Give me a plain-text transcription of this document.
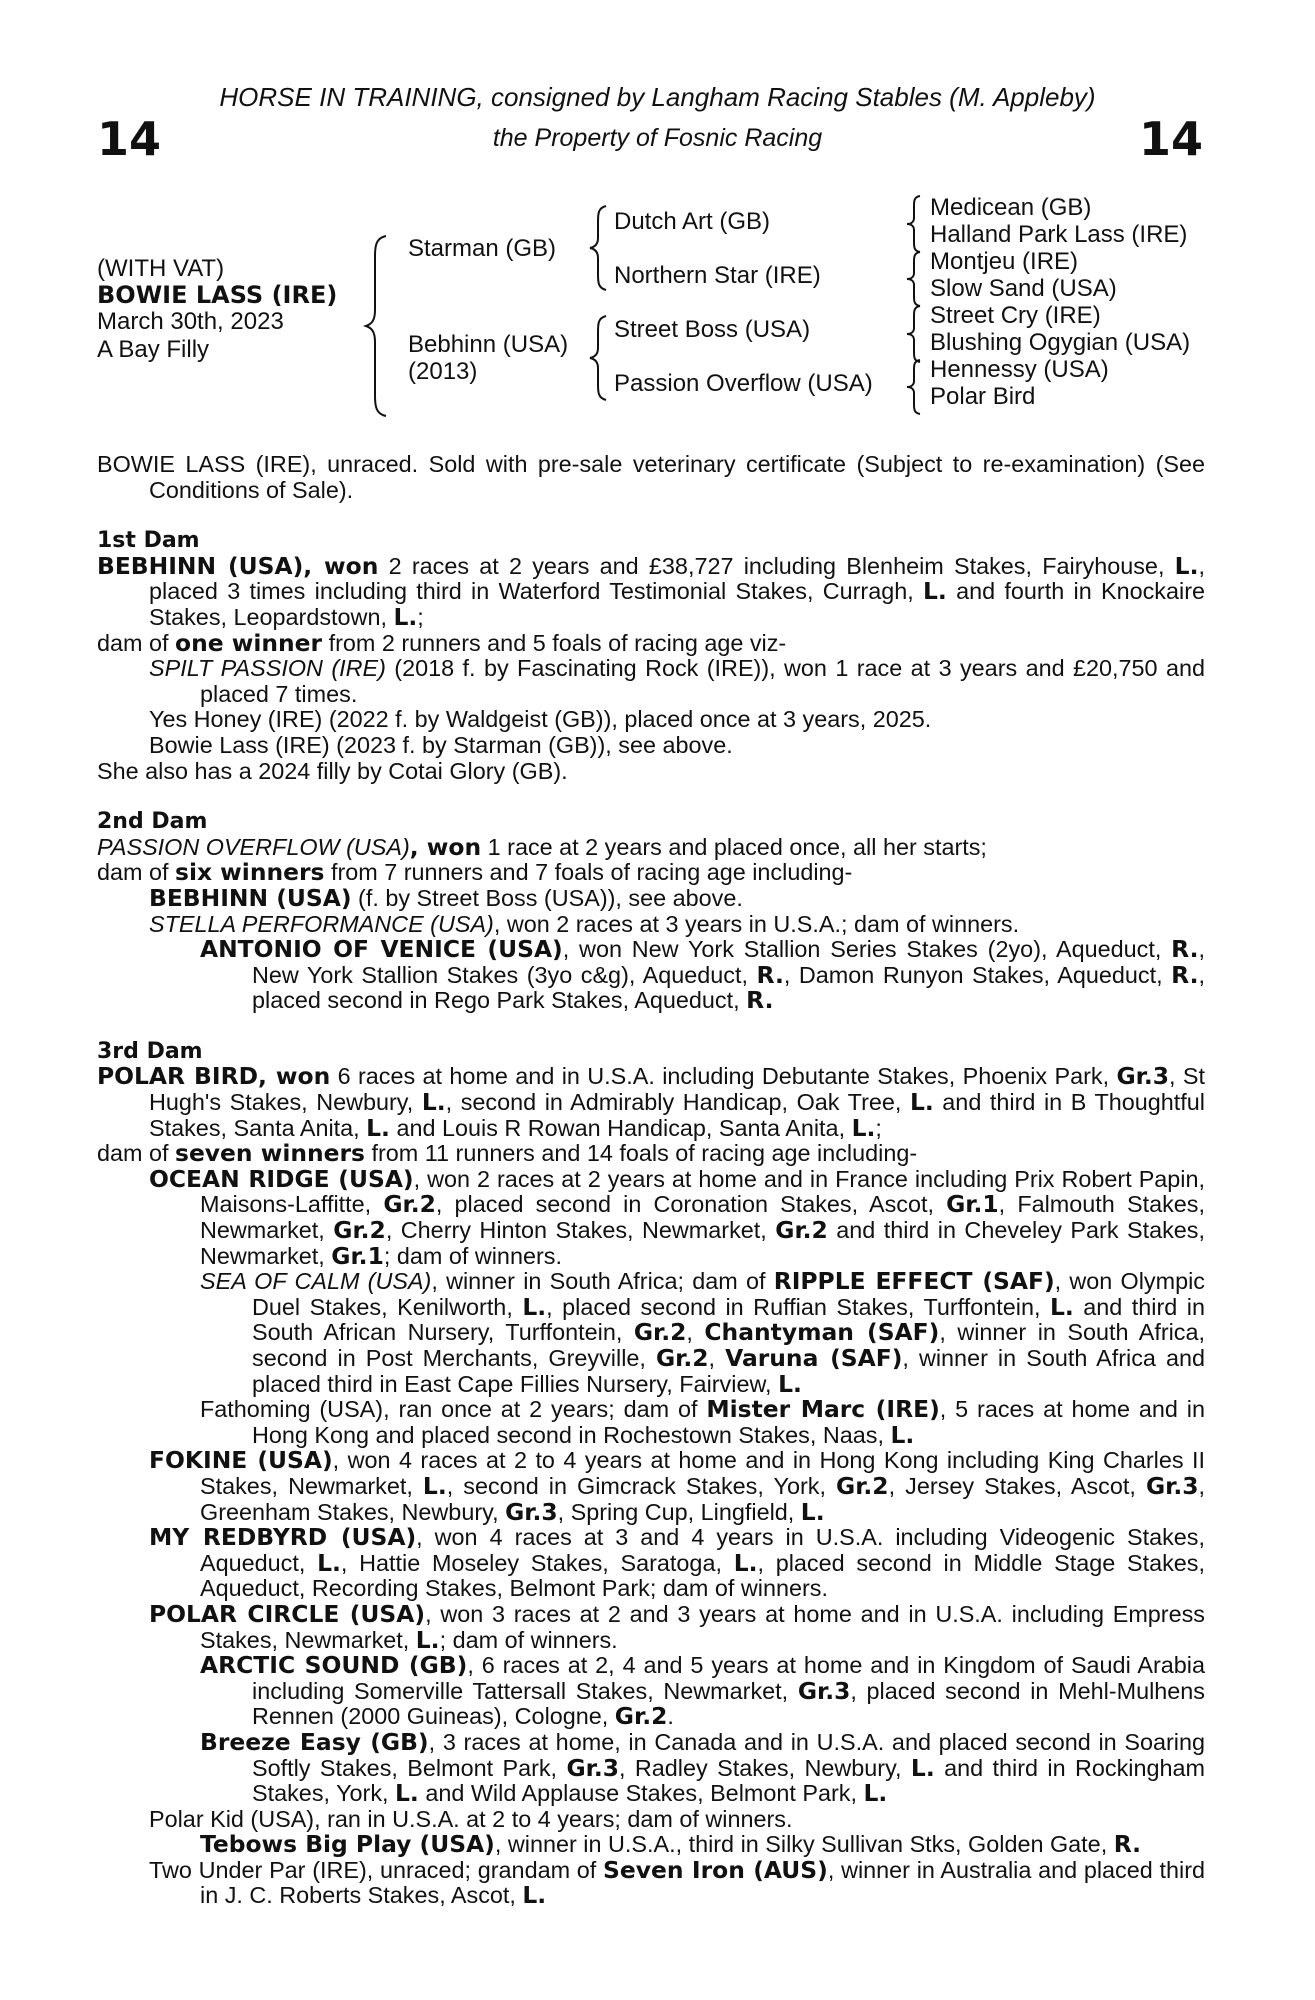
14	14
HORSE IN TRAINING, consigned by Langham Racing Stables (M. Appleby)
the Property of Fosnic Racing
(WITH VAT)
BOWIE LASS (IRE)
March 30th, 2023
A Bay Filly
Starman (GB)
Bebhinn (USA)
(2013)
Dutch Art (GB)
Northern Star (IRE)
Street Boss (USA)
Passion Overflow (USA)
Medicean (GB)
Halland Park Lass (IRE)
Montjeu (IRE)
Slow Sand (USA)
Street Cry (IRE)
Blushing Ogygian (USA)
Hennessy (USA)
Polar Bird

BOWIE LASS (IRE), unraced. Sold with pre-sale veterinary certificate (Subject to re-examination) (See Conditions of Sale).

1st Dam

BEBHINN (USA), won 2 races at 2 years and £38,727 including Blenheim Stakes, Fairyhouse, L., placed 3 times including third in Waterford Testimonial Stakes, Curragh, L. and fourth in Knockaire Stakes, Leopardstown, L.;

dam of one winner from 2 runners and 5 foals of racing age viz-

SPILT PASSION (IRE) (2018 f. by Fascinating Rock (IRE)), won 1 race at 3 years and £20,750 and placed 7 times.

Yes Honey (IRE) (2022 f. by Waldgeist (GB)), placed once at 3 years, 2025.

Bowie Lass (IRE) (2023 f. by Starman (GB)), see above.

She also has a 2024 filly by Cotai Glory (GB).

2nd Dam

PASSION OVERFLOW (USA), won 1 race at 2 years and placed once, all her starts;

dam of six winners from 7 runners and 7 foals of racing age including-

BEBHINN (USA) (f. by Street Boss (USA)), see above.

STELLA PERFORMANCE (USA), won 2 races at 3 years in U.S.A.; dam of winners.

ANTONIO OF VENICE (USA), won New York Stallion Series Stakes (2yo), Aqueduct, R., New York Stallion Stakes (3yo c&g), Aqueduct, R., Damon Runyon Stakes, Aqueduct, R., placed second in Rego Park Stakes, Aqueduct, R.

3rd Dam

POLAR BIRD, won 6 races at home and in U.S.A. including Debutante Stakes, Phoenix Park, Gr.3, St Hugh's Stakes, Newbury, L., second in Admirably Handicap, Oak Tree, L. and third in B Thoughtful Stakes, Santa Anita, L. and Louis R Rowan Handicap, Santa Anita, L.;

dam of seven winners from 11 runners and 14 foals of racing age including-

OCEAN RIDGE (USA), won 2 races at 2 years at home and in France including Prix Robert Papin, Maisons-Laffitte, Gr.2, placed second in Coronation Stakes, Ascot, Gr.1, Falmouth Stakes, Newmarket, Gr.2, Cherry Hinton Stakes, Newmarket, Gr.2 and third in Cheveley Park Stakes, Newmarket, Gr.1; dam of winners.

SEA OF CALM (USA), winner in South Africa; dam of RIPPLE EFFECT (SAF), won Olympic Duel Stakes, Kenilworth, L., placed second in Ruffian Stakes, Turffontein, L. and third in South African Nursery, Turffontein, Gr.2, Chantyman (SAF), winner in South Africa, second in Post Merchants, Greyville, Gr.2, Varuna (SAF), winner in South Africa and placed third in East Cape Fillies Nursery, Fairview, L.

Fathoming (USA), ran once at 2 years; dam of Mister Marc (IRE), 5 races at home and in Hong Kong and placed second in Rochestown Stakes, Naas, L.

FOKINE (USA), won 4 races at 2 to 4 years at home and in Hong Kong including King Charles II Stakes, Newmarket, L., second in Gimcrack Stakes, York, Gr.2, Jersey Stakes, Ascot, Gr.3, Greenham Stakes, Newbury, Gr.3, Spring Cup, Lingfield, L.

MY REDBYRD (USA), won 4 races at 3 and 4 years in U.S.A. including Videogenic Stakes, Aqueduct, L., Hattie Moseley Stakes, Saratoga, L., placed second in Middle Stage Stakes, Aqueduct, Recording Stakes, Belmont Park; dam of winners.

POLAR CIRCLE (USA), won 3 races at 2 and 3 years at home and in U.S.A. including Empress Stakes, Newmarket, L.; dam of winners.

ARCTIC SOUND (GB), 6 races at 2, 4 and 5 years at home and in Kingdom of Saudi Arabia including Somerville Tattersall Stakes, Newmarket, Gr.3, placed second in Mehl-Mulhens Rennen (2000 Guineas), Cologne, Gr.2.

Breeze Easy (GB), 3 races at home, in Canada and in U.S.A. and placed second in Soaring Softly Stakes, Belmont Park, Gr.3, Radley Stakes, Newbury, L. and third in Rockingham Stakes, York, L. and Wild Applause Stakes, Belmont Park, L.

Polar Kid (USA), ran in U.S.A. at 2 to 4 years; dam of winners.

Tebows Big Play (USA), winner in U.S.A., third in Silky Sullivan Stks, Golden Gate, R.

Two Under Par (IRE), unraced; grandam of Seven Iron (AUS), winner in Australia and placed third in J. C. Roberts Stakes, Ascot, L.
